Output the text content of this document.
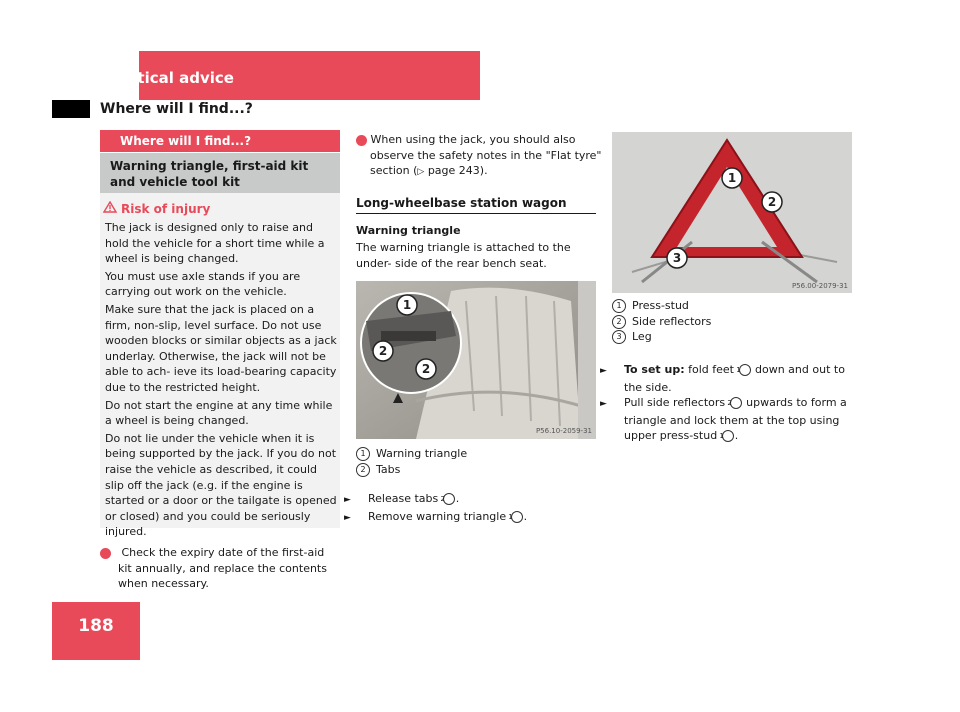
Practical advice
Where will I find...?
188
Where will I find...?
Warning triangle, first-aid kit and vehicle tool kit
Risk of injury

The jack is designed only to raise and hold the vehicle for a short time while a wheel is being changed.

You must use axle stands if you are carrying out work on the vehicle.

Make sure that the jack is placed on a firm, non-slip, level surface. Do not use wooden blocks or similar objects as a jack underlay. Otherwise, the jack will not be able to ach- ieve its load-bearing capacity due to the restricted height.

Do not start the engine at any time while a wheel is being changed.

Do not lie under the vehicle when it is being supported by the jack. If you do not raise the vehicle as described, it could slip off the jack (e.g. if the engine is started or a door or the tailgate is opened or closed) and you could be seriously injured.

i Check the expiry date of the first-aid kit annually, and replace the contents when necessary.
i When using the jack, you should also observe the safety notes in the "Flat tyre" section (▷ page 243).
Long-wheelbase station wagon
Warning triangle
The warning triangle is attached to the under- side of the rear bench seat.
1
2
2
P56.10-2059-31
1 Warning triangle
2 Tabs
► Release tabs 2 .
► Remove warning triangle 1 .
1
2
3
P56.00-2079-31
1 Press-stud
2 Side reflectors
3 Leg
► To set up: fold feet 1 down and out to the side.
► Pull side reflectors 2 upwards to form a triangle and lock them at the top using upper press-stud 1 .
